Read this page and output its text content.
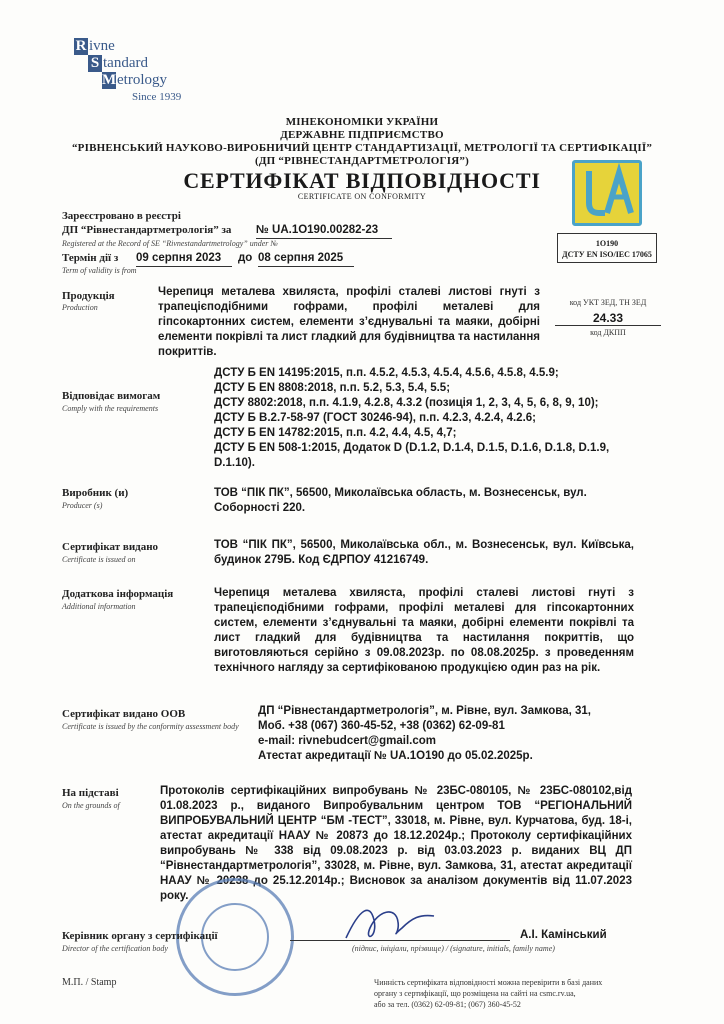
R ivne
S tandard
Metrology
Since 1939
МІНЕКОНОМІКИ УКРАЇНИ
ДЕРЖАВНЕ ПІДПРИЄМСТВО
“РІВНЕНСЬКИЙ НАУКОВО-ВИРОБНИЧИЙ ЦЕНТР СТАНДАРТИЗАЦІЇ, МЕТРОЛОГІЇ ТА СЕРТИФІКАЦІЇ”
(ДП “РІВНЕСТАНДАРТМЕТРОЛОГІЯ”)
СЕРТИФІКАТ ВІДПОВІДНОСТІ
CERTIFICATE ON CONFORMITY
1O190
ДСТУ EN ISO/IEC 17065
Зареєстровано в реєстрі
ДП “Рівнестандартметрологія” за № UA.1O190.00282-23
Registered at the Record of SE “Rivnestandartmetrology” under №
Термін дії з 09 серпня 2023	до 08 серпня 2025
Term of validity is from
Продукція
Production
Черепиця металева хвиляста, профілі сталеві листові гнуті з трапецієподібними гофрами, профілі металеві для гіпсокартонних систем, елементи з’єднувальні та маяки, добірні елементи покрівлі та лист гладкий для будівництва та настилання покриттів.
код УКТ ЗЕД, ТН ЗЕД
24.33
код ДКПП
Відповідає вимогам
Comply with the requirements
ДСТУ Б EN 14195:2015, п.п. 4.5.2, 4.5.3, 4.5.4, 4.5.6, 4.5.8, 4.5.9;
ДСТУ Б EN 8808:2018, п.п. 5.2, 5.3, 5.4, 5.5;
ДСТУ 8802:2018, п.п. 4.1.9, 4.2.8, 4.3.2 (позиція 1, 2, 3, 4, 5, 6, 8, 9, 10);
ДСТУ Б В.2.7-58-97 (ГОСТ 30246-94), п.п. 4.2.3, 4.2.4, 4.2.6;
ДСТУ Б EN 14782:2015, п.п. 4.2, 4.4, 4.5, 4,7;
ДСТУ Б EN 508-1:2015, Додаток D (D.1.2, D.1.4, D.1.5, D.1.6, D.1.8, D.1.9,
D.1.10).
Виробник (и)
Producer (s)
ТОВ “ПІК ПК”, 56500, Миколаївська область, м. Вознесенськ, вул. Соборності 220.
Сертифікат видано
Certificate is issued on
ТОВ “ПІК ПК”, 56500, Миколаївська обл., м. Вознесенськ, вул. Київська, будинок 279Б. Код ЄДРПОУ 41216749.
Додаткова інформація
Additional information
Черепиця металева хвиляста, профілі сталеві листові гнуті з трапецієподібними гофрами, профілі металеві для гіпсокартонних систем, елементи з’єднувальні та маяки, добірні елементи покрівлі та лист гладкий для будівництва та настилання покриттів, що виготовляються серійно з 09.08.2023р. по 08.08.2025р. з проведенням технічного нагляду за сертифікованою продукцією один раз на рік.
Сертифікат видано ООВ
Certificate is issued by the conformity assessment body
ДП “Рівнестандартметрологія”, м. Рівне, вул. Замкова, 31,
Моб. +38 (067) 360-45-52, +38 (0362) 62-09-81
e-mail: rivnebudcert@gmail.com
Атестат акредитації № UA.1O190 до 05.02.2025р.
На підставі
On the grounds of
Протоколів сертифікаційних випробувань № 23БС-080105, № 23БС-080102,від 01.08.2023 р., виданого Випробувальним центром ТОВ “РЕГІОНАЛЬНИЙ ВИПРОБУВАЛЬНИЙ ЦЕНТР “БМ -ТЕСТ”, 33018, м. Рівне, вул. Курчатова, буд. 18-і, атестат акредитації НААУ № 20873 до 18.12.2024р.; Протоколу сертифікаційних випробувань № 338 від 09.08.2023 р. від 03.03.2023 р. виданих ВЦ ДП “Рівнестандартметрологія”, 33028, м. Рівне, вул. Замкова, 31, атестат акредитації НААУ № 20238 до 25.12.2014р.; Висновок за аналізом документів від 11.07.2023 року.
Керівник органу з сертифікації
Director of the certification body	(підпис, ініціали, прізвище) / (signature, initials, family name)
А.І. Камінський
М.П. / Stamp	Чинність сертифіката відповідності можна перевірити в базі даних
органу з сертифікації, що розміщена на сайті на csmc.rv.ua,
або за тел. (0362) 62-09-81; (067) 360-45-52
